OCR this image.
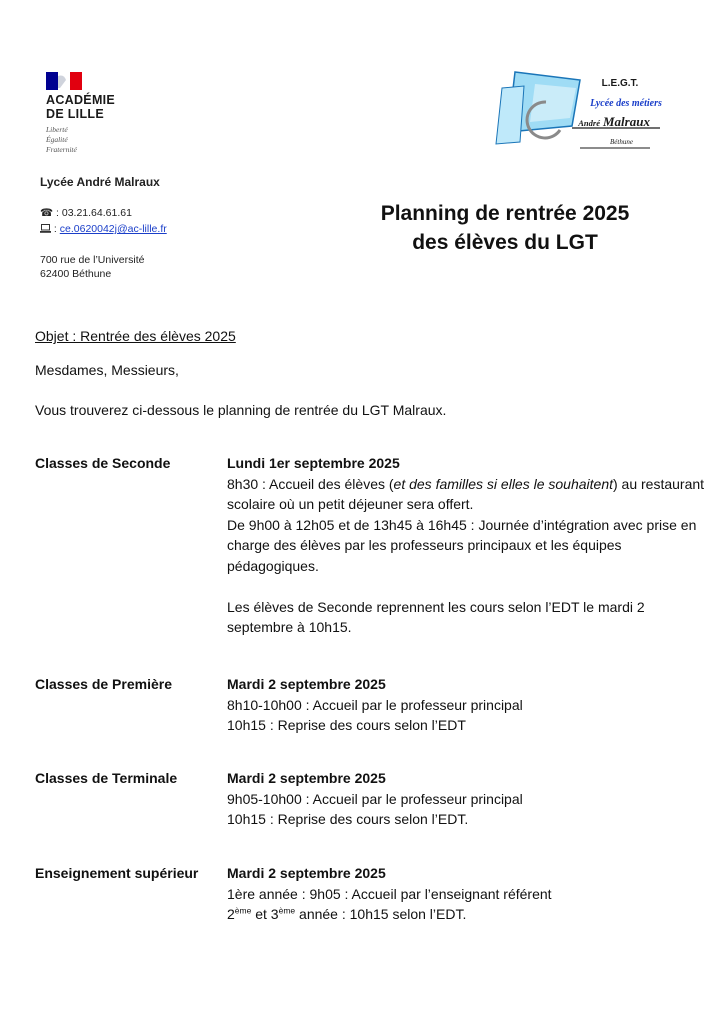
ACADÉMIE
DE LILLE
Liberté
Égalité
Fraternité
L.E.G.T.
Lycée des métiers
André Malraux
Béthune
Lycée André Malraux
☎ : 03.21.64.61.61
: ce.0620042j@ac-lille.fr
700 rue de l’Université
62400 Béthune
Planning de rentrée 2025
des élèves du LGT
Objet : Rentrée des élèves 2025
Mesdames, Messieurs,
Vous trouverez ci-dessous le planning de rentrée du LGT Malraux.
Classes de Seconde	Lundi 1er septembre 2025

8h30 : Accueil des élèves (et des familles si elles le souhaitent) au restaurant scolaire où un petit déjeuner sera offert.

De 9h00 à 12h05 et de 13h45 à 16h45 : Journée d’intégration avec prise en charge des élèves par les professeurs principaux et les équipes pédagogiques.

Les élèves de Seconde reprennent les cours selon l’EDT le mardi 2 septembre à 10h15.

Classes de Première	Mardi 2 septembre 2025

8h10-10h00 : Accueil par le professeur principal

10h15 : Reprise des cours selon l’EDT

Classes de Terminale	Mardi 2 septembre 2025

9h05-10h00 : Accueil par le professeur principal

10h15 : Reprise des cours selon l’EDT.

Enseignement supérieur Mardi 2 septembre 2025

1ère année : 9h05 : Accueil par l’enseignant référent

2ème et 3ème année : 10h15 selon l’EDT.
